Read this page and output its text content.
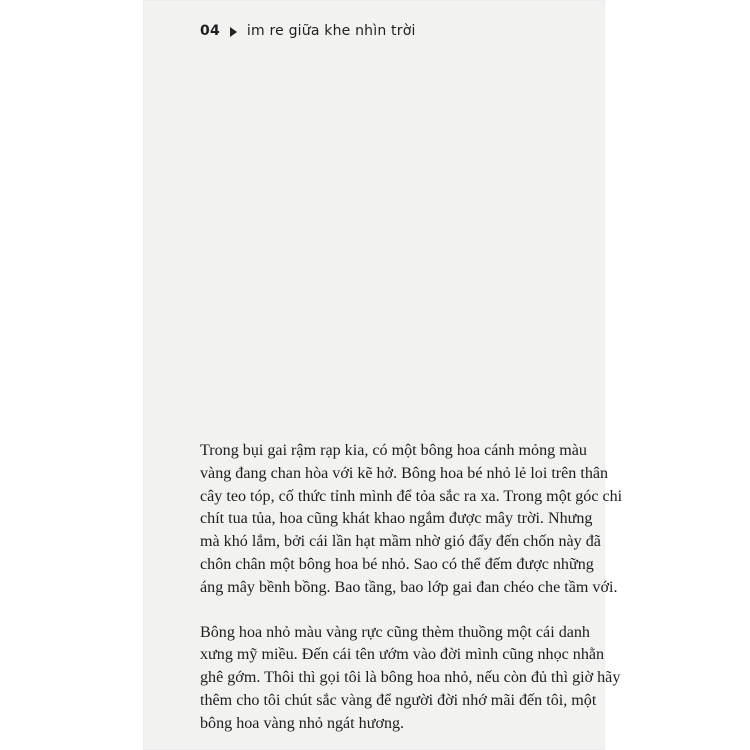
04 im re giữa khe nhìn trời

Trong bụi gai rậm rạp kia, có một bông hoa cánh mỏng màu
vàng đang chan hòa với kẽ hở. Bông hoa bé nhỏ lẻ loi trên thân
cây teo tóp, cố thức tỉnh mình để tỏa sắc ra xa. Trong một góc chi
chít tua tủa, hoa cũng khát khao ngắm được mây trời. Nhưng
mà khó lắm, bởi cái lần hạt mầm nhờ gió đẩy đến chốn này đã
chôn chân một bông hoa bé nhỏ. Sao có thể đếm được những
áng mây bềnh bồng. Bao tầng, bao lớp gai đan chéo che tầm với.

Bông hoa nhỏ màu vàng rực cũng thèm thuồng một cái danh
xưng mỹ miều. Đến cái tên ướm vào đời mình cũng nhọc nhằn
ghê gớm. Thôi thì gọi tôi là bông hoa nhỏ, nếu còn đủ thì giờ hãy
thêm cho tôi chút sắc vàng để người đời nhớ mãi đến tôi, một
bông hoa vàng nhỏ ngát hương.
